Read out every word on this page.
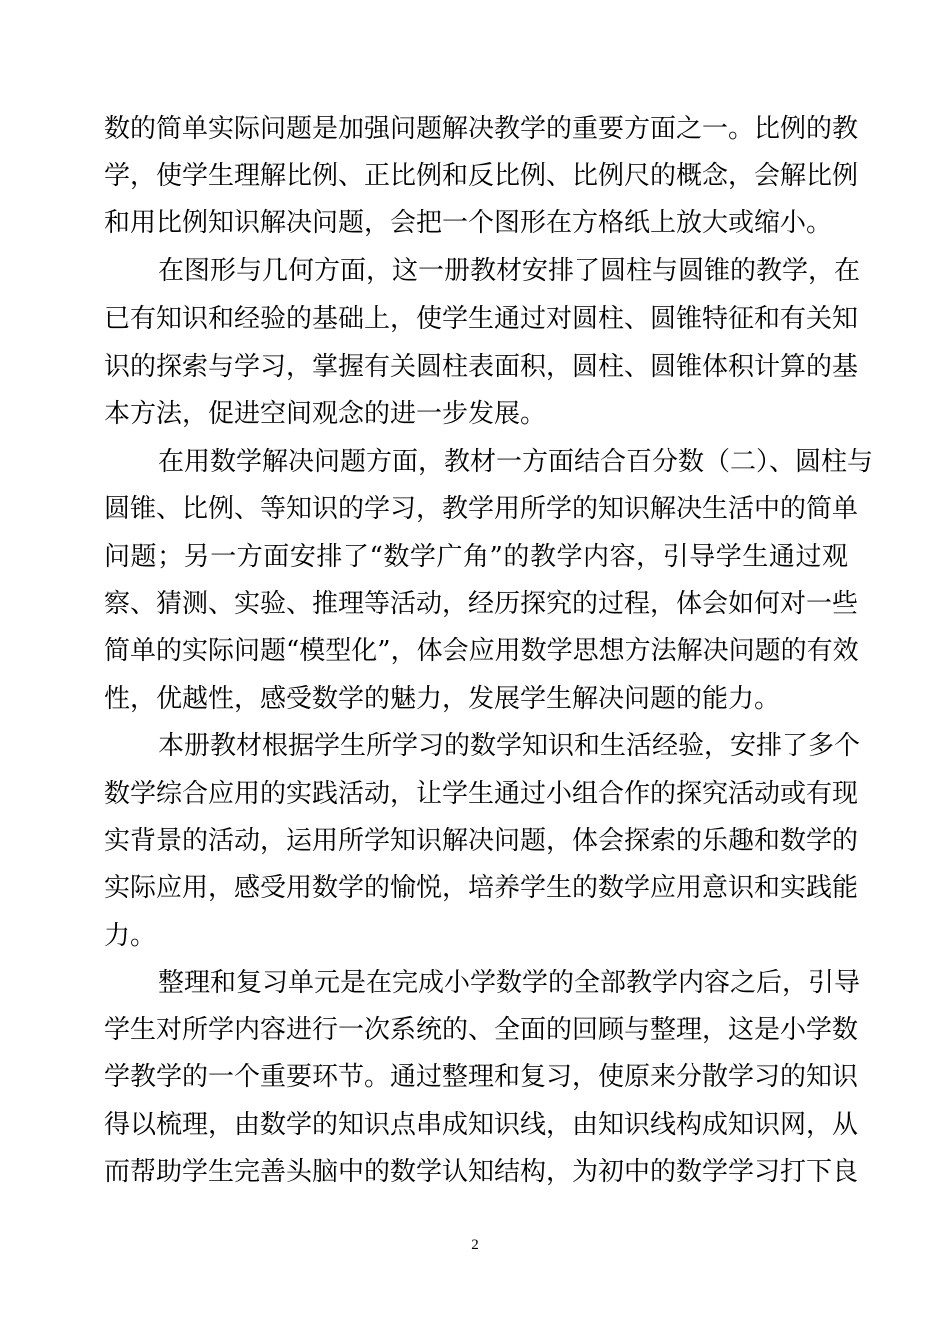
数的简单实际问题是加强问题解决教学的重要方面之一。比例的教
学，使学生理解比例、正比例和反比例、比例尺的概念，会解比例
和用比例知识解决问题，会把一个图形在方格纸上放大或缩小。
在图形与几何方面，这一册教材安排了圆柱与圆锥的教学，在
已有知识和经验的基础上，使学生通过对圆柱、圆锥特征和有关知
识的探索与学习，掌握有关圆柱表面积，圆柱、圆锥体积计算的基
本方法，促进空间观念的进一步发展。
在用数学解决问题方面，教材一方面结合百分数（二）、圆柱与
圆锥、比例、等知识的学习，教学用所学的知识解决生活中的简单
问题；另一方面安排了“数学广角”的教学内容，引导学生通过观
察、猜测、实验、推理等活动，经历探究的过程，体会如何对一些
简单的实际问题“模型化”，体会应用数学思想方法解决问题的有效
性，优越性，感受数学的魅力，发展学生解决问题的能力。
本册教材根据学生所学习的数学知识和生活经验，安排了多个
数学综合应用的实践活动，让学生通过小组合作的探究活动或有现
实背景的活动，运用所学知识解决问题，体会探索的乐趣和数学的
实际应用，感受用数学的愉悦，培养学生的数学应用意识和实践能
力。
整理和复习单元是在完成小学数学的全部教学内容之后，引导
学生对所学内容进行一次系统的、全面的回顾与整理，这是小学数
学教学的一个重要环节。通过整理和复习，使原来分散学习的知识
得以梳理，由数学的知识点串成知识线，由知识线构成知识网，从
而帮助学生完善头脑中的数学认知结构，为初中的数学学习打下良
2
